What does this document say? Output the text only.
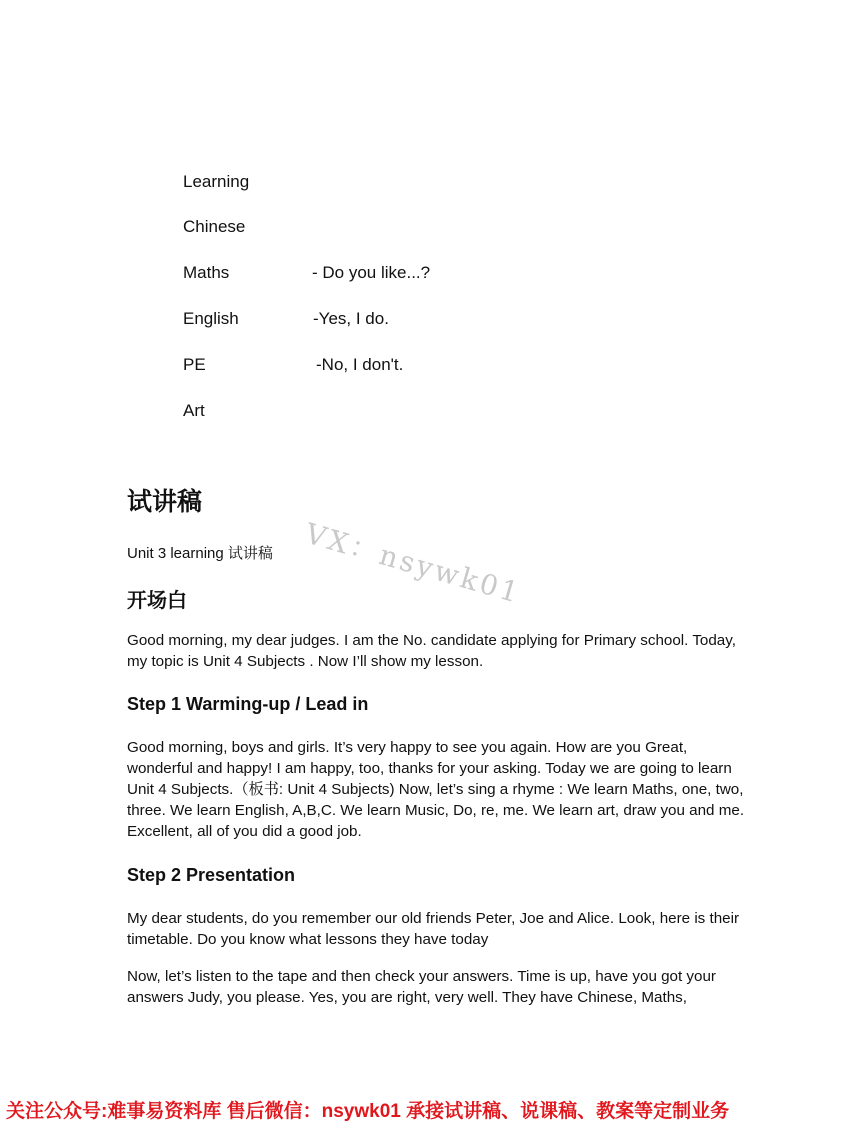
Learning
Chinese
Maths
English
PE
Art
- Do you like...?
-Yes, I do.
-No, I don't.
试讲稿
VX：nsywk01
Unit 3 learning 试讲稿
开场白
Good morning, my dear judges. I am the No. candidate applying for Primary school. Today, my topic is Unit 4 Subjects . Now I’ll show my lesson.
Step 1 Warming-up / Lead in
Good morning, boys and girls. It’s very happy to see you again. How are you Great, wonderful and happy! I am happy, too, thanks for your asking. Today we are going to learn Unit 4 Subjects.（板书: Unit 4 Subjects) Now, let’s sing a rhyme : We learn Maths, one, two, three. We learn English, A,B,C. We learn Music, Do, re, me. We learn art, draw you and me. Excellent, all of you did a good job.
Step 2 Presentation
My dear students, do you remember our old friends Peter, Joe and Alice. Look, here is their timetable. Do you know what lessons they have today
Now, let’s listen to the tape and then check your answers. Time is up, have you got your answers Judy, you please. Yes, you are right, very well. They have Chinese, Maths,
关注公众号:难事易资料库 售后微信：nsywk01 承接试讲稿、说课稿、教案等定制业务
